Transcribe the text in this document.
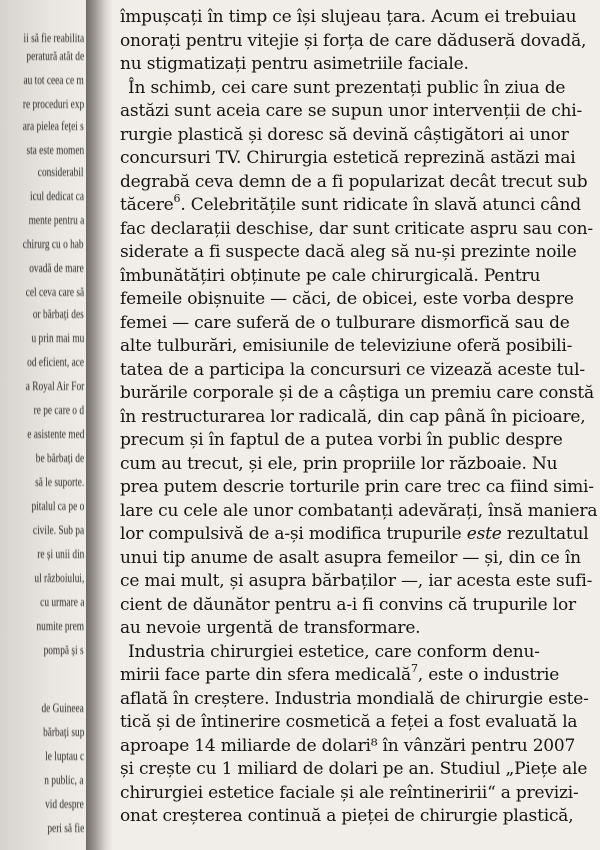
ii să fie reabilita
peratură atât de
au tot ceea ce m
re proceduri exp
ara pielea feței s
sta este momen
considerabil
icul dedicat ca
mente pentru a
chirurg cu o hab
ovadă de mare
cel ceva care să
or bărbați des
u prin mai mu
od eficient, ace
a Royal Air For
re pe care o d
e asistente med
be bărbați de
să le suporte.
pitalul ca pe o
civile. Sub pa
re și unii din
ul războiului,
cu urmare a
numite prem
pompă și s
de Guineea
bărbați sup
le luptau c
n public, a
vid despre
peri să fie
împușcați în timp ce își slujeau țara. Acum ei trebuiau
onorați pentru vitejie și forța de care dăduseră dovadă,
nu stigmatizați pentru asimetriile faciale.
În schimb, cei care sunt prezentați public în ziua de
astăzi sunt aceia care se supun unor intervenții de chi-
rurgie plastică și doresc să devină câștigători ai unor
concursuri TV. Chirurgia estetică reprezină astăzi mai
degrabă ceva demn de a fi popularizat decât trecut sub
tăcere$^6$. Celebritățile sunt ridicate în slavă atunci când
fac declarații deschise, dar sunt criticate aspru sau con-
siderate a fi suspecte dacă aleg să nu-și prezinte noile
îmbunătățiri obținute pe cale chirurgicală. Pentru
femeile obișnuite — căci, de obicei, este vorba despre
femei — care suferă de o tulburare dismorfică sau de
alte tulburări, emisiunile de televiziune oferă posibili-
tatea de a participa la concursuri ce vizează aceste tul-
burările corporale și de a câștiga un premiu care constă
în restructurarea lor radicală, din cap până în picioare,
precum și în faptul de a putea vorbi în public despre
cum au trecut, și ele, prin propriile lor războaie. Nu
prea putem descrie torturile prin care trec ca fiind simi-
lare cu cele ale unor combatanți adevărați, însă maniera
lor compulsivă de a-și modifica trupurile este rezultatul
unui tip anume de asalt asupra femeilor — și, din ce în
ce mai mult, și asupra bărbaților —, iar acesta este sufi-
cient de dăunător pentru a-i fi convins că trupurile lor
au nevoie urgentă de transformare.
Industria chirurgiei estetice, care conform denu-
mirii face parte din sfera medicală$^7$, este o industrie
aflată în creștere. Industria mondială de chirurgie este-
tică și de întinerire cosmetică a feței a fost evaluată la
aproape 14 miliarde de dolari⁸ în vânzări pentru 2007
și crește cu 1 miliard de dolari pe an. Studiul „Piețe ale
chirurgiei estetice faciale și ale reîntineririi“ a previzi-
onat creșterea continuă a pieței de chirurgie plastică,
